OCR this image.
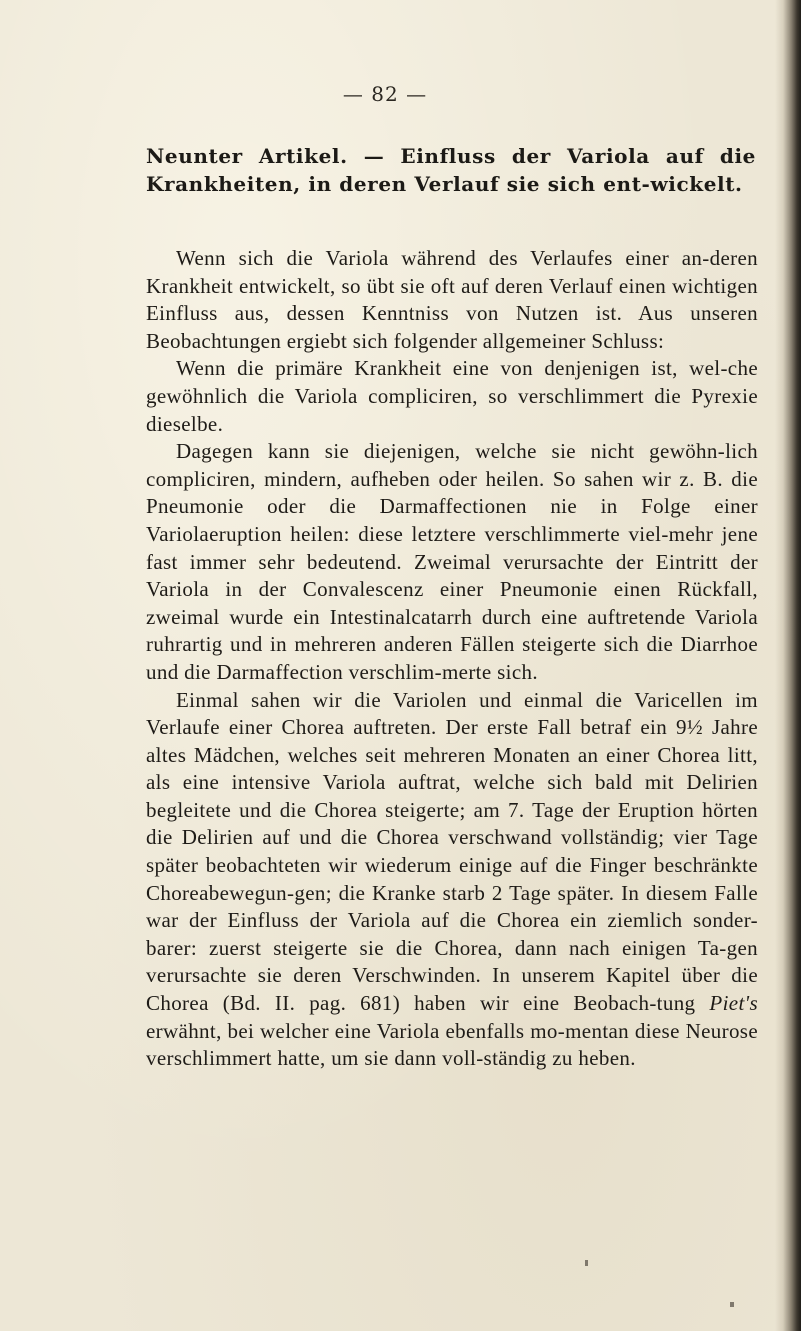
— 82 —
Neunter Artikel. — Einfluss der Variola auf die Krankheiten, in deren Verlauf sie sich ent-wickelt.

Wenn sich die Variola während des Verlaufes einer an-deren Krankheit entwickelt, so übt sie oft auf deren Verlauf einen wichtigen Einfluss aus, dessen Kenntniss von Nutzen ist. Aus unseren Beobachtungen ergiebt sich folgender allgemeiner Schluss:

Wenn die primäre Krankheit eine von denjenigen ist, wel-che gewöhnlich die Variola compliciren, so verschlimmert die Pyrexie dieselbe.

Dagegen kann sie diejenigen, welche sie nicht gewöhn-lich compliciren, mindern, aufheben oder heilen. So sahen wir z. B. die Pneumonie oder die Darmaffectionen nie in Folge einer Variolaeruption heilen: diese letztere verschlimmerte viel-mehr jene fast immer sehr bedeutend. Zweimal verursachte der Eintritt der Variola in der Convalescenz einer Pneumonie einen Rückfall, zweimal wurde ein Intestinalcatarrh durch eine auftretende Variola ruhrartig und in mehreren anderen Fällen steigerte sich die Diarrhoe und die Darmaffection verschlim-merte sich.

Einmal sahen wir die Variolen und einmal die Varicellen im Verlaufe einer Chorea auftreten. Der erste Fall betraf ein 9½ Jahre altes Mädchen, welches seit mehreren Monaten an einer Chorea litt, als eine intensive Variola auftrat, welche sich bald mit Delirien begleitete und die Chorea steigerte; am 7. Tage der Eruption hörten die Delirien auf und die Chorea verschwand vollständig; vier Tage später beobachteten wir wiederum einige auf die Finger beschränkte Choreabewegun-gen; die Kranke starb 2 Tage später. In diesem Falle war der Einfluss der Variola auf die Chorea ein ziemlich sonder-barer: zuerst steigerte sie die Chorea, dann nach einigen Ta-gen verursachte sie deren Verschwinden. In unserem Kapitel über die Chorea (Bd. II. pag. 681) haben wir eine Beobach-tung Piet's erwähnt, bei welcher eine Variola ebenfalls mo-mentan diese Neurose verschlimmert hatte, um sie dann voll-ständig zu heben.
